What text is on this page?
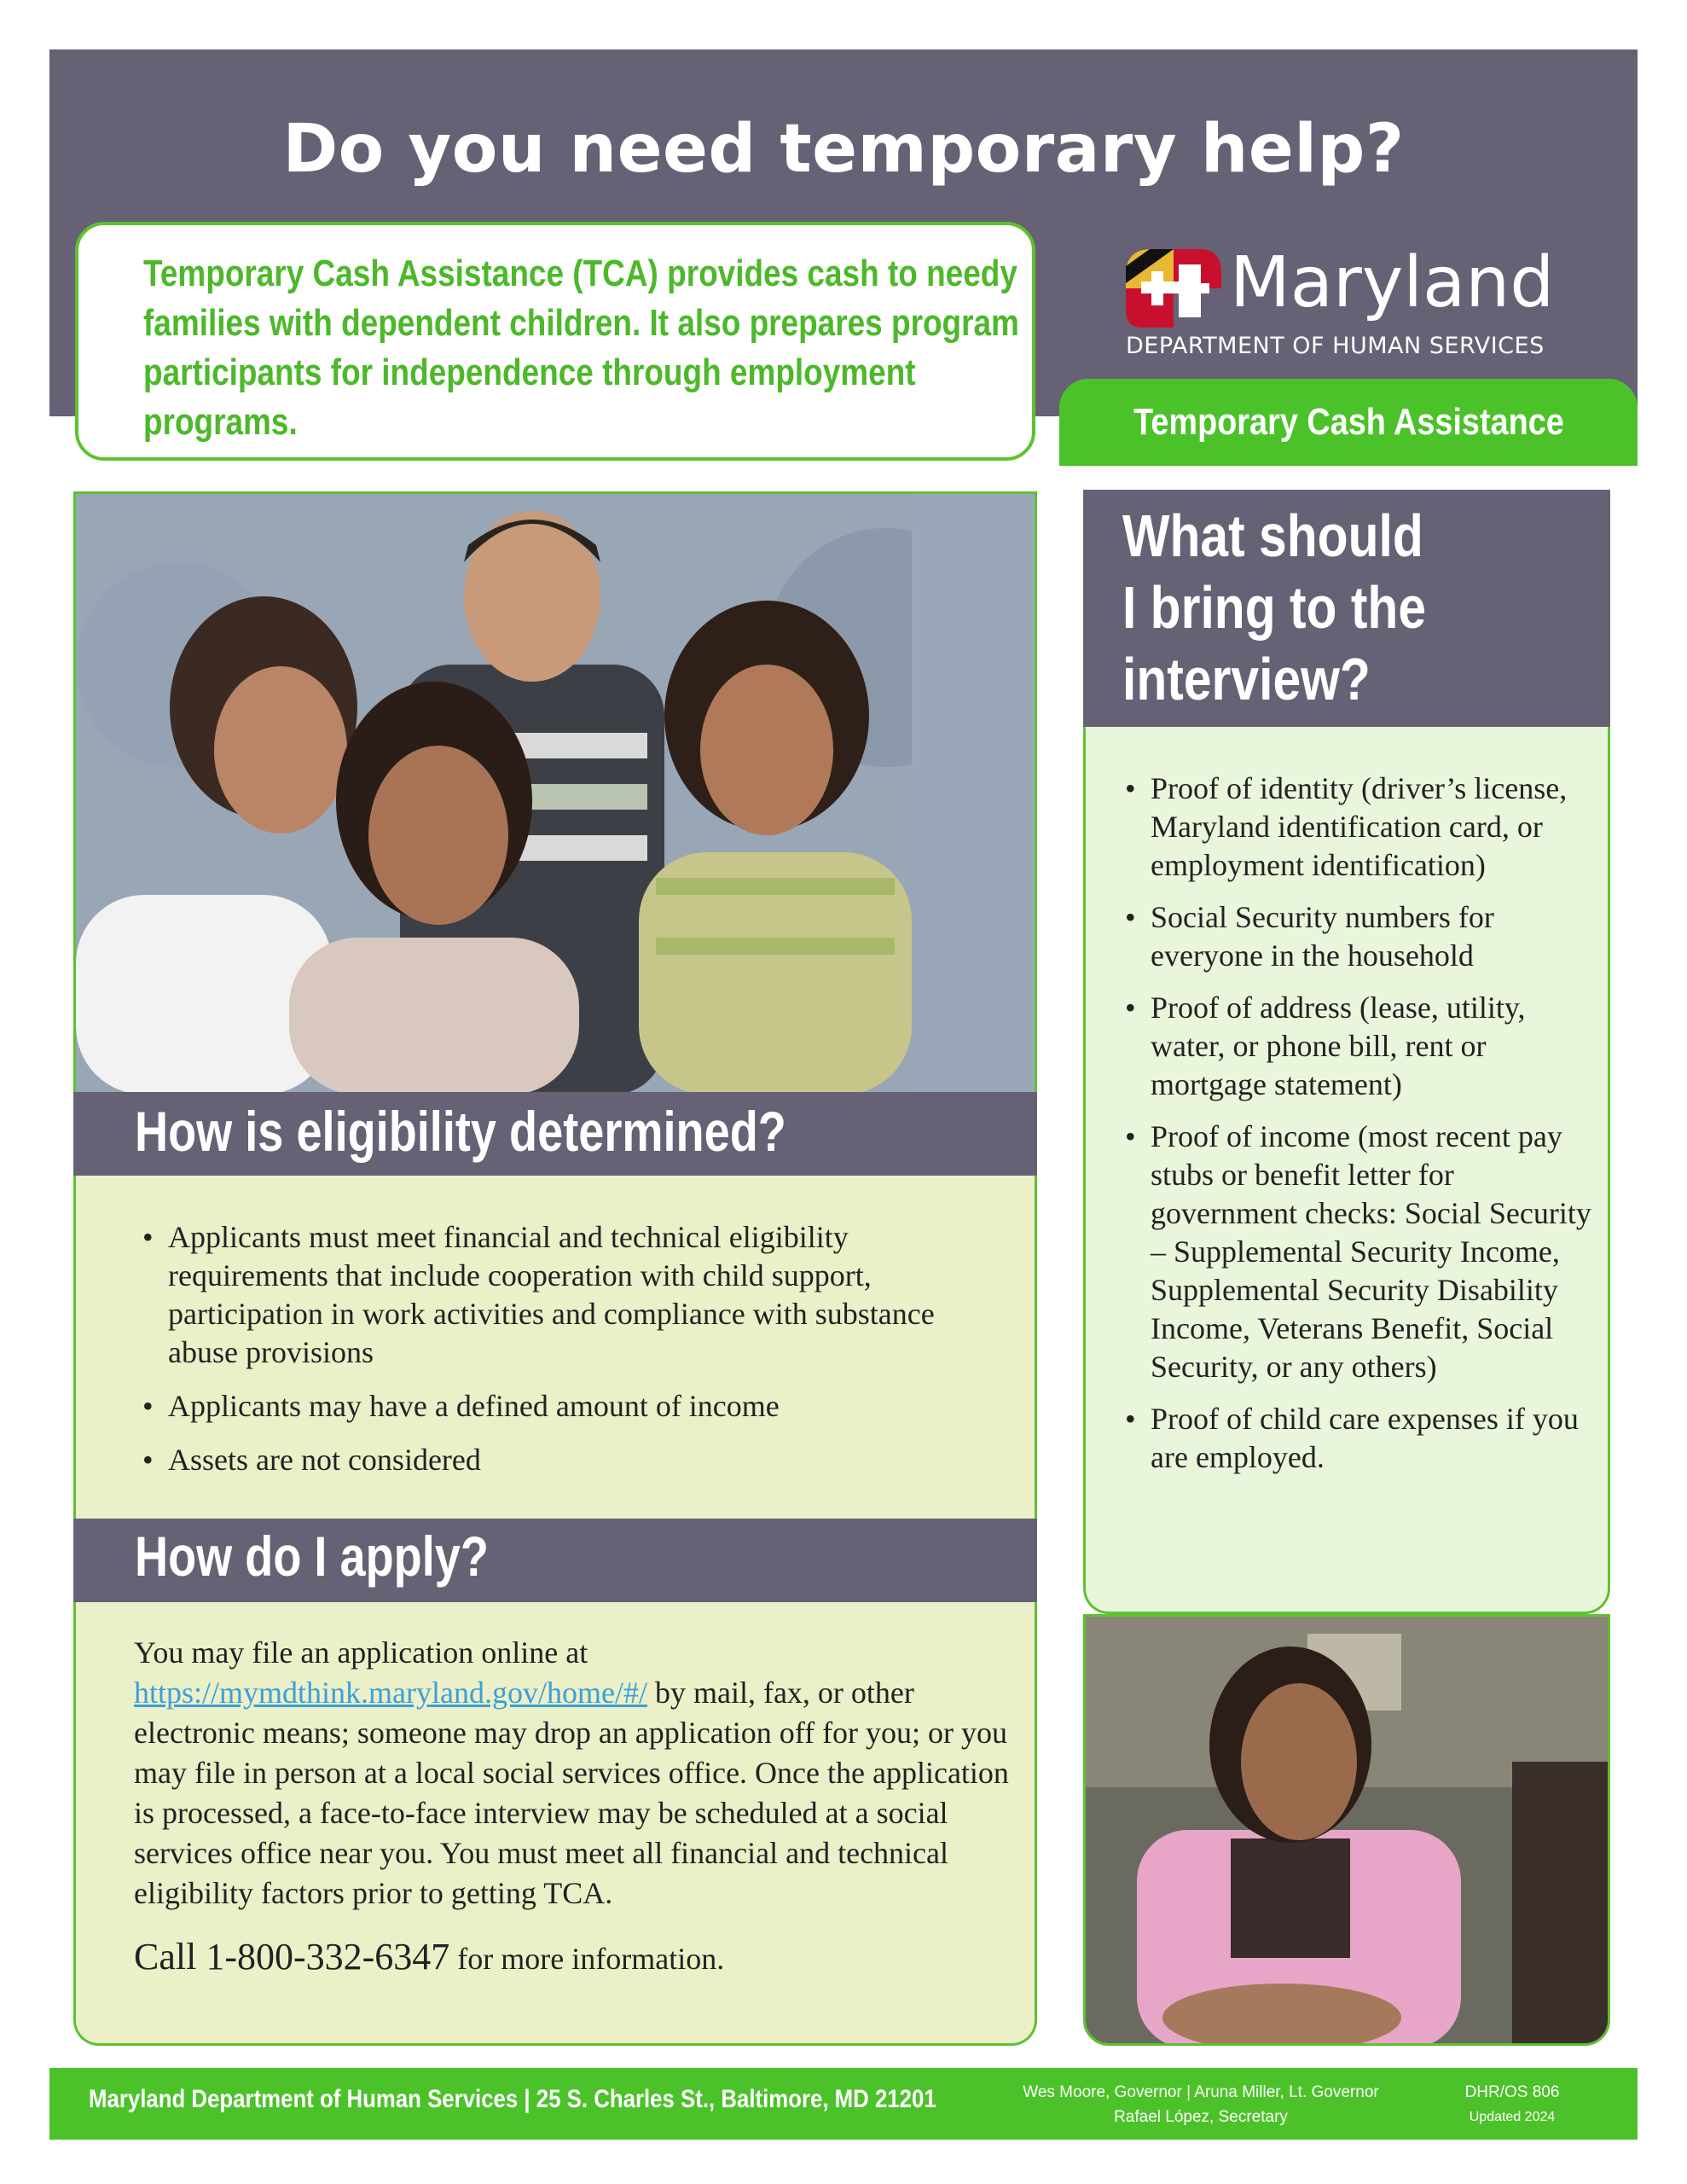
Do you need temporary help?
Temporary Cash Assistance (TCA) provides cash to needy families with dependent children. It also prepares program participants for independence through employment programs.
Maryland
DEPARTMENT OF HUMAN SERVICES
Temporary Cash Assistance
How is eligibility determined?
• Applicants must meet financial and technical eligibility requirements that include cooperation with child support, participation in work activities and compliance with substance abuse provisions
• Applicants may have a defined amount of income
• Assets are not considered
How do I apply?
You may file an application online at https://mymdthink.maryland.gov/home/#/ by mail, fax, or other electronic means; someone may drop an application off for you; or you may file in person at a local social services office. Once the application is processed, a face-to-face interview may be scheduled at a social services office near you. You must meet all financial and technical eligibility factors prior to getting TCA.
Call 1-800-332-6347 for more information.
What should
I bring to the
interview?
• Proof of identity (driver’s license, Maryland identification card, or employment identification)
• Social Security numbers for everyone in the household
• Proof of address (lease, utility, water, or phone bill, rent or mortgage statement)
• Proof of income (most recent pay stubs or benefit letter for government checks: Social Security – Supplemental Security Income, Supplemental Security Disability Income, Veterans Benefit, Social Security, or any others)
• Proof of child care expenses if you are employed.
Maryland Department of Human Services | 25 S. Charles St., Baltimore, MD 21201	Wes Moore, Governor | Aruna Miller, Lt. Governor
Rafael López, Secretary
DHR/OS 806
Updated 2024
